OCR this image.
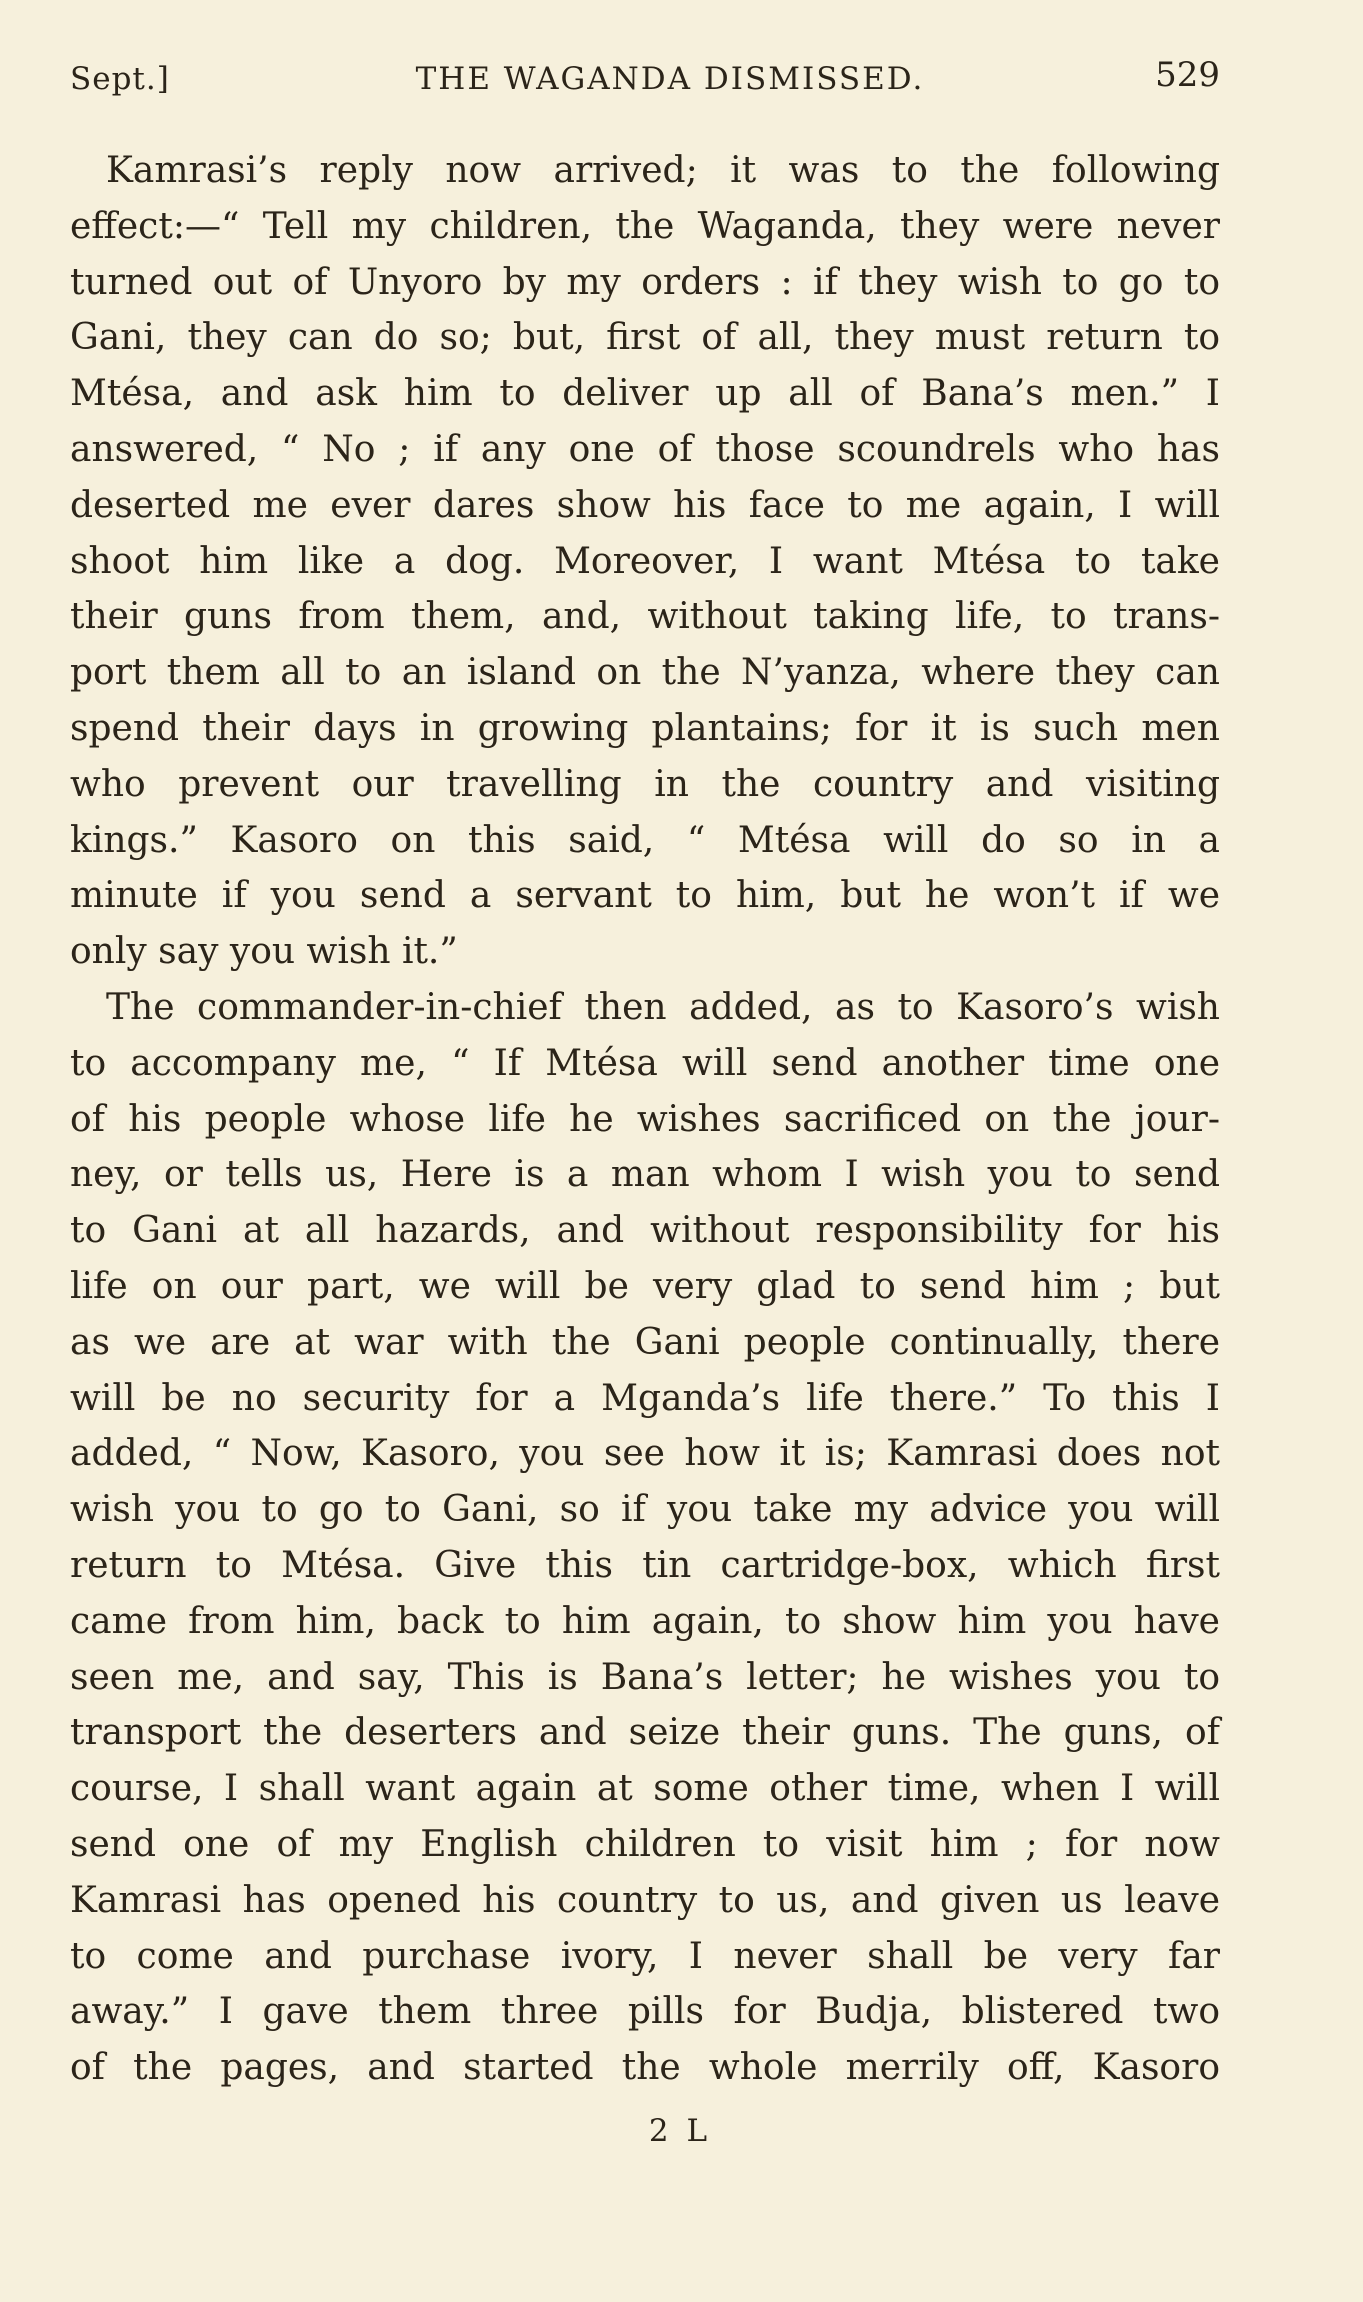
Sept.]	THE WAGANDA DISMISSED.	529
Kamrasi’s reply now arrived; it was to the following
effect:—“ Tell my children, the Waganda, they were never
turned out of Unyoro by my orders : if they wish to go to
Gani, they can do so; but, first of all, they must return to
Mtésa, and ask him to deliver up all of Bana’s men.” I
answered, “ No ; if any one of those scoundrels who has
deserted me ever dares show his face to me again, I will
shoot him like a dog. Moreover, I want Mtésa to take
their guns from them, and, without taking life, to trans-
port them all to an island on the N’yanza, where they can
spend their days in growing plantains; for it is such men
who prevent our travelling in the country and visiting
kings.” Kasoro on this said, “ Mtésa will do so in a
minute if you send a servant to him, but he won’t if we
only say you wish it.”
The commander-in-chief then added, as to Kasoro’s wish
to accompany me, “ If Mtésa will send another time one
of his people whose life he wishes sacrificed on the jour-
ney, or tells us, Here is a man whom I wish you to send
to Gani at all hazards, and without responsibility for his
life on our part, we will be very glad to send him ; but
as we are at war with the Gani people continually, there
will be no security for a Mganda’s life there.” To this I
added, “ Now, Kasoro, you see how it is; Kamrasi does not
wish you to go to Gani, so if you take my advice you will
return to Mtésa. Give this tin cartridge-box, which first
came from him, back to him again, to show him you have
seen me, and say, This is Bana’s letter; he wishes you to
transport the deserters and seize their guns. The guns, of
course, I shall want again at some other time, when I will
send one of my English children to visit him ; for now
Kamrasi has opened his country to us, and given us leave
to come and purchase ivory, I never shall be very far
away.” I gave them three pills for Budja, blistered two
of the pages, and started the whole merrily off, Kasoro
2 L
